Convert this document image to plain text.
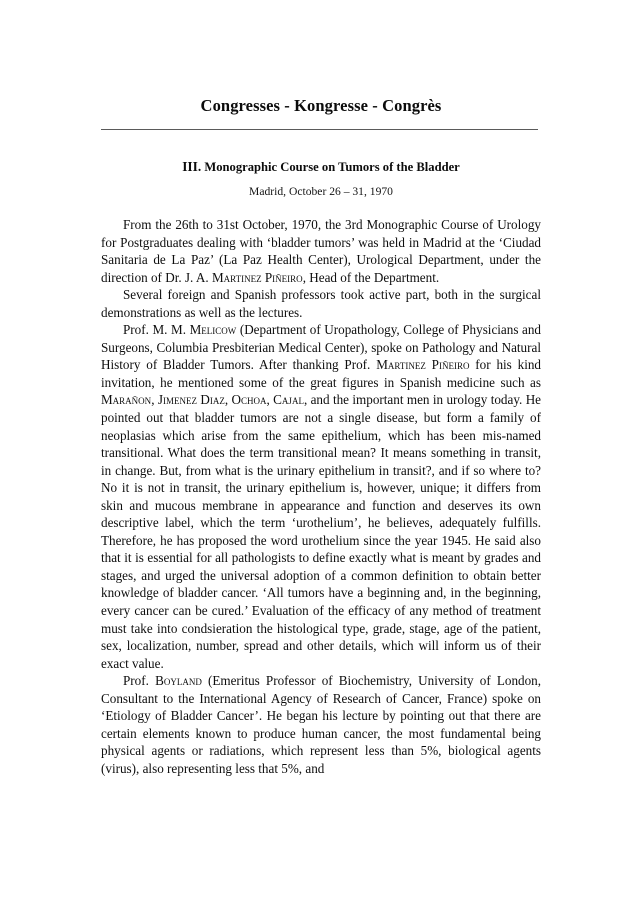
Congresses - Kongresse - Congrès
III. Monographic Course on Tumors of the Bladder
Madrid, October 26 – 31, 1970

From the 26th to 31st October, 1970, the 3rd Monographic Course of Urology for Postgraduates dealing with ‘bladder tumors’ was held in Madrid at the ‘Ciudad Sanitaria de La Paz’ (La Paz Health Center), Urological Department, under the direction of Dr. J. A. Martinez Piñeiro, Head of the Department.

Several foreign and Spanish professors took active part, both in the surgical demonstrations as well as the lectures.

Prof. M. M. Melicow (Department of Uropathology, College of Physicians and Surgeons, Columbia Presbiterian Medical Center), spoke on Pathology and Natural History of Bladder Tumors. After thanking Prof. Martinez Piñeiro for his kind invitation, he mentioned some of the great figures in Spanish medicine such as Marañon, Jimenez Diaz, Ochoa, Cajal, and the important men in urology today. He pointed out that bladder tumors are not a single disease, but form a family of neoplasias which arise from the same epithelium, which has been mis-named transitional. What does the term transitional mean? It means something in transit, in change. But, from what is the urinary epithelium in transit?, and if so where to? No it is not in transit, the urinary epithelium is, however, unique; it differs from skin and mucous membrane in appearance and function and deserves its own descriptive label, which the term ‘urothelium’, he believes, adequately fulfills. Therefore, he has proposed the word urothelium since the year 1945. He said also that it is essential for all pathologists to define exactly what is meant by grades and stages, and urged the universal adoption of a common definition to obtain better knowledge of bladder cancer. ‘All tumors have a beginning and, in the beginning, every cancer can be cured.’ Evaluation of the efficacy of any method of treatment must take into condsieration the histological type, grade, stage, age of the patient, sex, localization, number, spread and other details, which will inform us of their exact value.

Prof. Boyland (Emeritus Professor of Biochemistry, University of London, Consultant to the International Agency of Research of Cancer, France) spoke on ‘Etiology of Bladder Cancer’. He began his lecture by pointing out that there are certain elements known to produce human cancer, the most fundamental being physical agents or radiations, which represent less than 5%, biological agents (virus), also representing less that 5%, and
